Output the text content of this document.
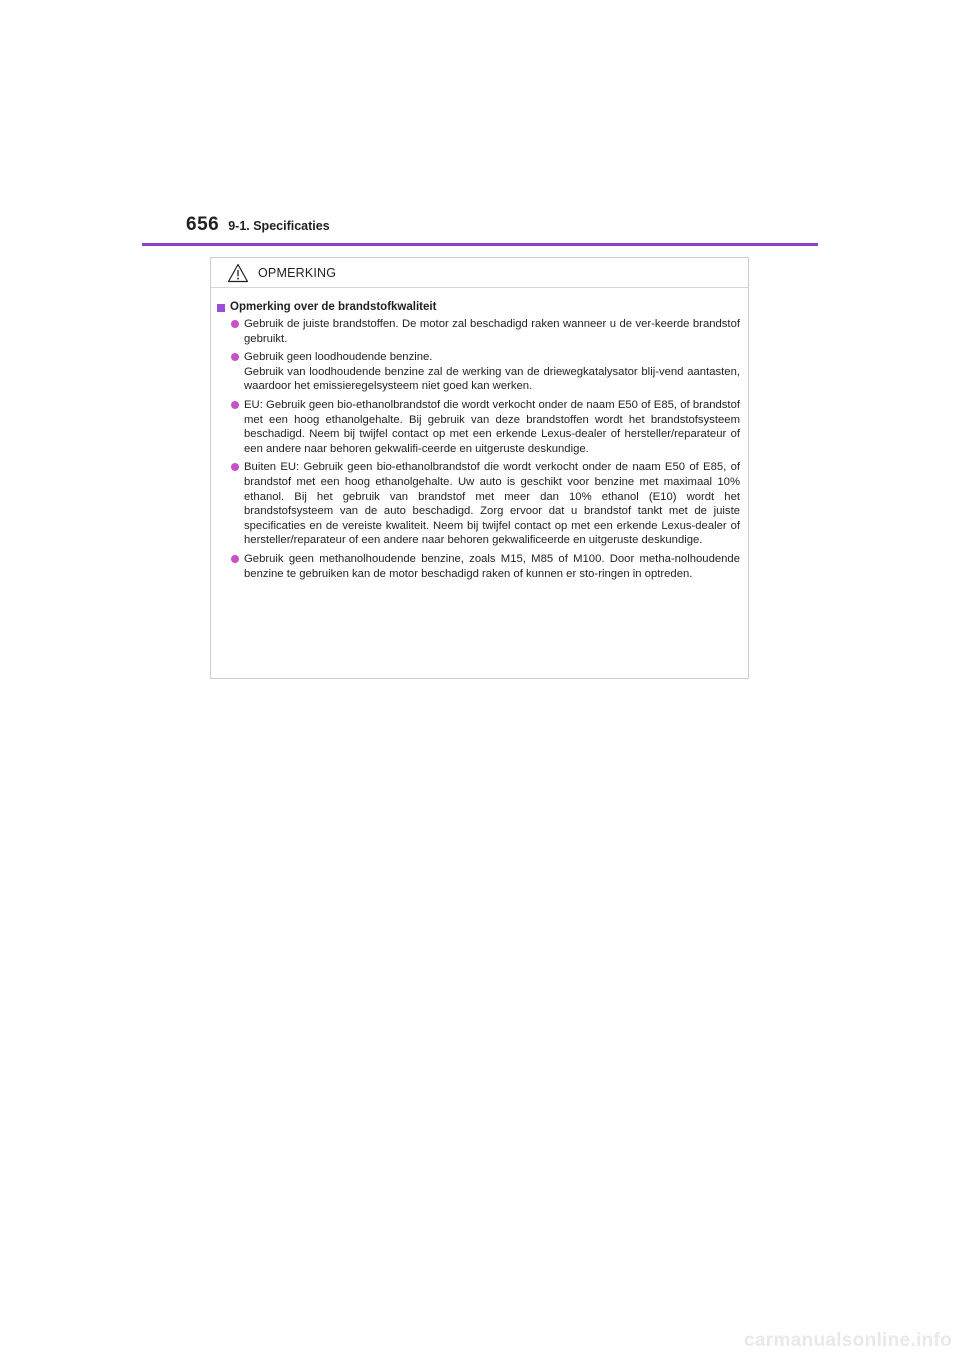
656 9-1. Specificaties
OPMERKING
Opmerking over de brandstofkwaliteit
Gebruik de juiste brandstoffen. De motor zal beschadigd raken wanneer u de ver-keerde brandstof gebruikt.
Gebruik geen loodhoudende benzine.
Gebruik van loodhoudende benzine zal de werking van de driewegkatalysator blij-vend aantasten, waardoor het emissieregelsysteem niet goed kan werken.
EU: Gebruik geen bio-ethanolbrandstof die wordt verkocht onder de naam E50 of E85, of brandstof met een hoog ethanolgehalte. Bij gebruik van deze brandstoffen wordt het brandstofsysteem beschadigd. Neem bij twijfel contact op met een erkende Lexus-dealer of hersteller/reparateur of een andere naar behoren gekwalifi-ceerde en uitgeruste deskundige.
Buiten EU: Gebruik geen bio-ethanolbrandstof die wordt verkocht onder de naam E50 of E85, of brandstof met een hoog ethanolgehalte. Uw auto is geschikt voor benzine met maximaal 10% ethanol. Bij het gebruik van brandstof met meer dan 10% ethanol (E10) wordt het brandstofsysteem van de auto beschadigd. Zorg ervoor dat u brandstof tankt met de juiste specificaties en de vereiste kwaliteit. Neem bij twijfel contact op met een erkende Lexus-dealer of hersteller/reparateur of een andere naar behoren gekwalificeerde en uitgeruste deskundige.
Gebruik geen methanolhoudende benzine, zoals M15, M85 of M100. Door metha-nolhoudende benzine te gebruiken kan de motor beschadigd raken of kunnen er sto-ringen in optreden.
carmanualsonline.info
